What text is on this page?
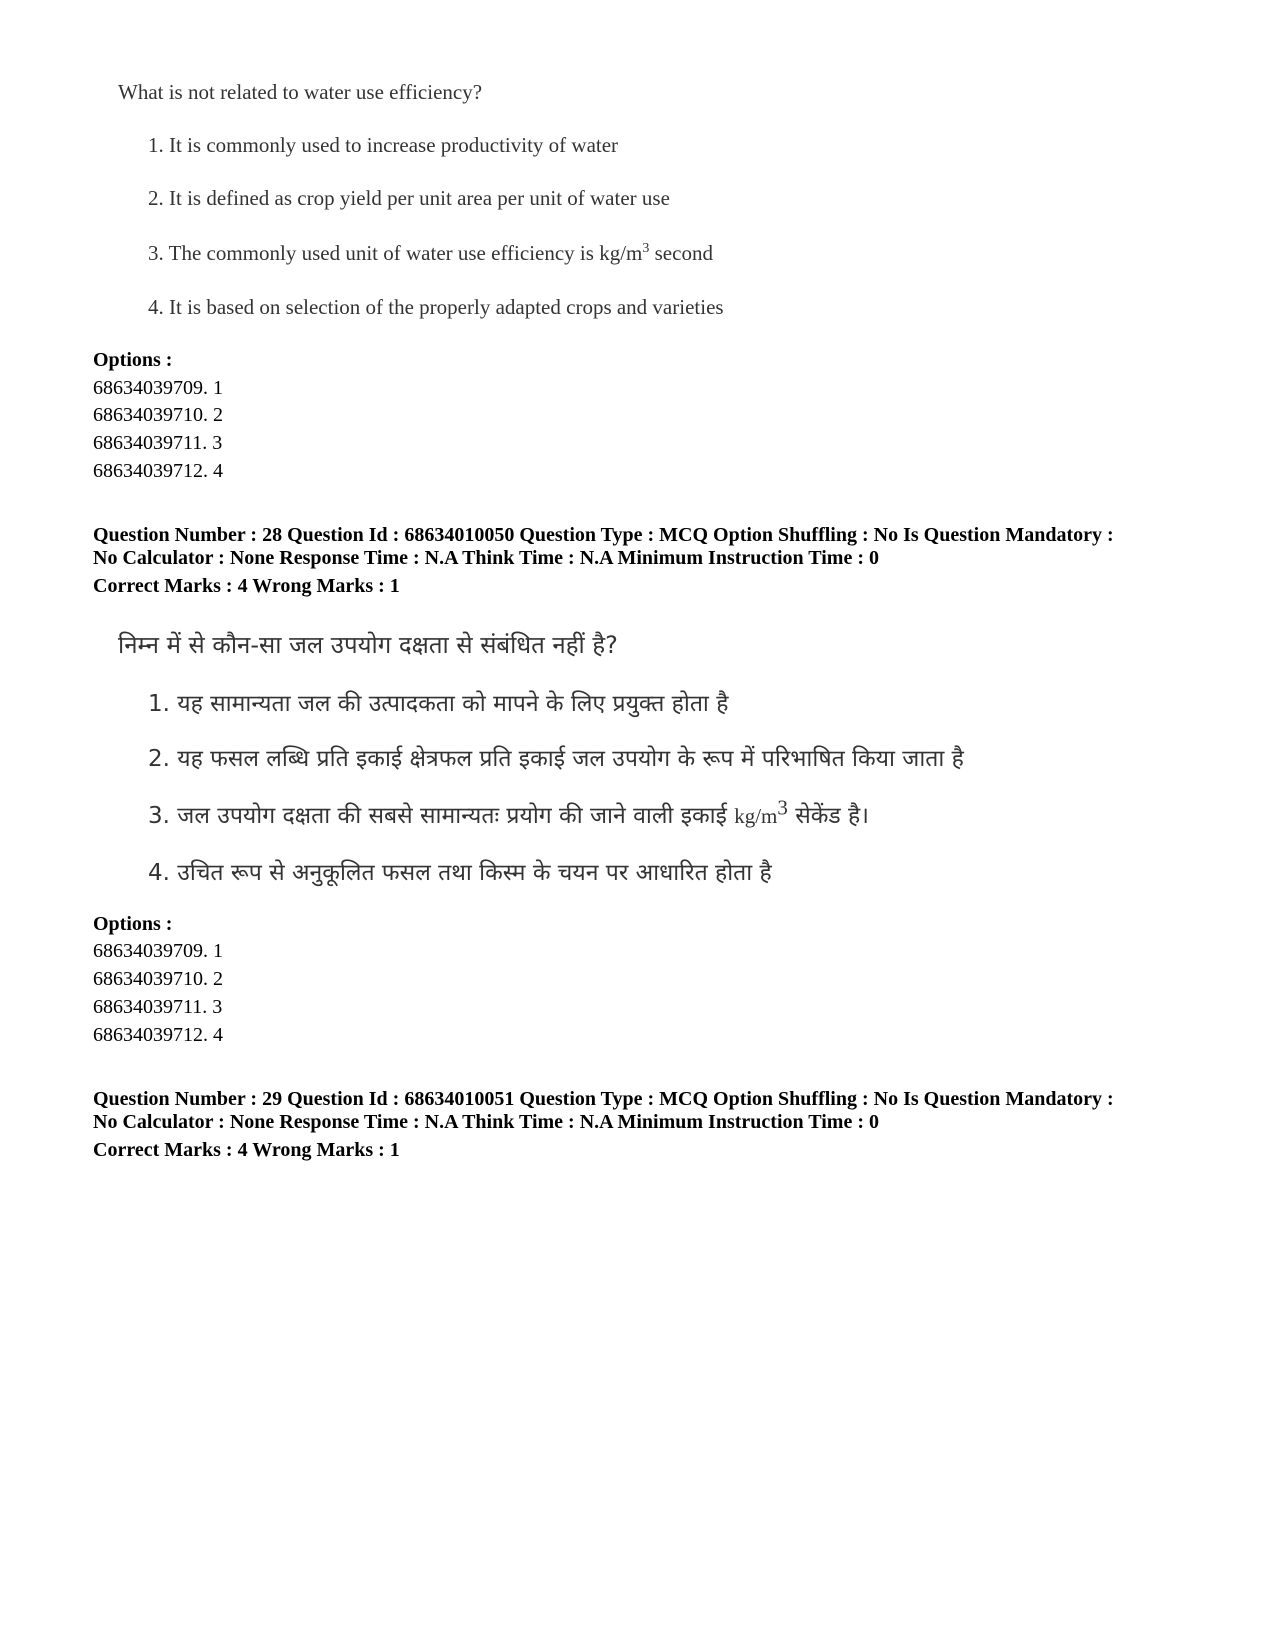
What is not related to water use efficiency?
1. It is commonly used to increase productivity of water
2. It is defined as crop yield per unit area per unit of water use
3. The commonly used unit of water use efficiency is $kg/m^3$ second
4. It is based on selection of the properly adapted crops and varieties
Options :
68634039709. 1
68634039710. 2
68634039711. 3
68634039712. 4
Question Number : 28 Question Id : 68634010050 Question Type : MCQ Option Shuffling : No Is Question Mandatory :
No Calculator : None Response Time : N.A Think Time : N.A Minimum Instruction Time : 0
Correct Marks : 4 Wrong Marks : 1
निम्न में से कौन-सा जल उपयोग दक्षता से संबंधित नहीं है?
1. यह सामान्यता जल की उत्पादकता को मापने के लिए प्रयुक्त होता है
2. यह फसल लब्धि प्रति इकाई क्षेत्रफल प्रति इकाई जल उपयोग के रूप में परिभाषित किया जाता है
3. जल उपयोग दक्षता की सबसे सामान्यतः प्रयोग की जाने वाली इकाई $kg/m^3$ सेकेंड है।
4. उचित रूप से अनुकूलित फसल तथा किस्म के चयन पर आधारित होता है
Options :
68634039709. 1
68634039710. 2
68634039711. 3
68634039712. 4
Question Number : 29 Question Id : 68634010051 Question Type : MCQ Option Shuffling : No Is Question Mandatory :
No Calculator : None Response Time : N.A Think Time : N.A Minimum Instruction Time : 0
Correct Marks : 4 Wrong Marks : 1
